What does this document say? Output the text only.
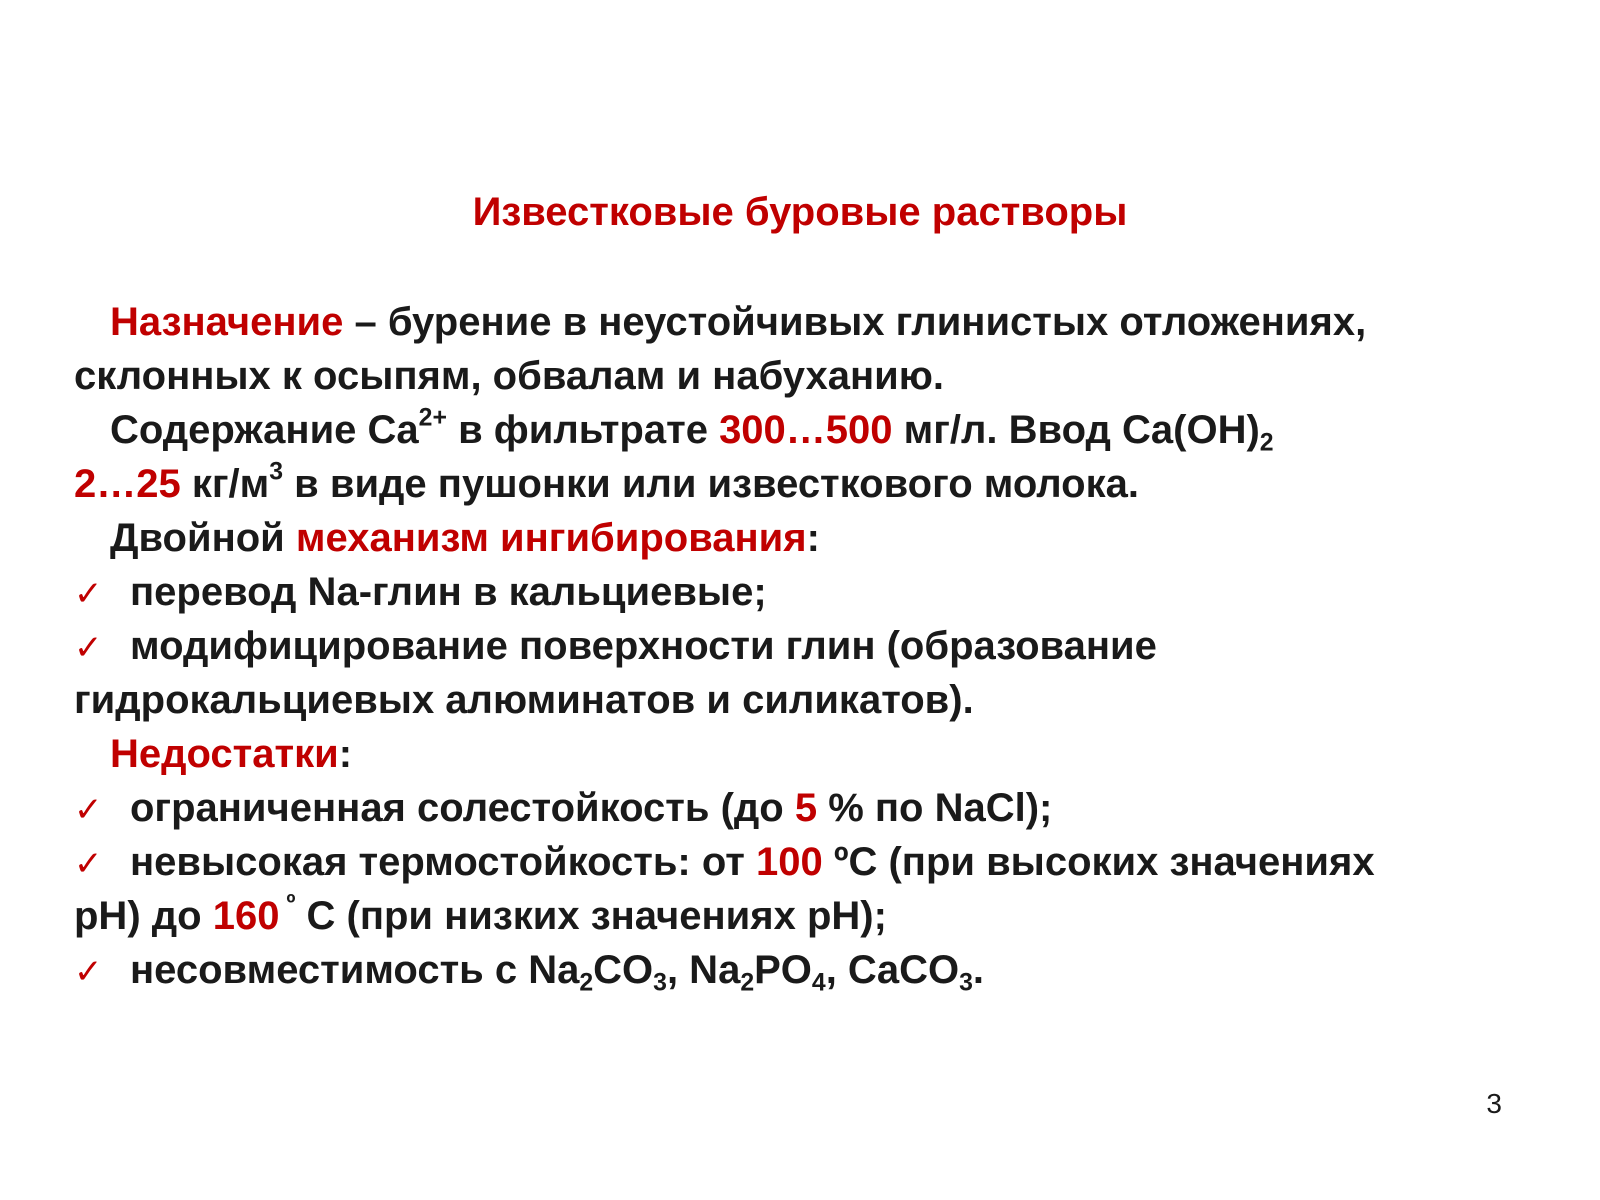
Известковые буровые растворы
Назначение – бурение в неустойчивых глинистых отложениях,
склонных к осыпям, обвалам и набуханию.
Содержание $Ca^{2+}$ в фильтрате 300…500 мг/л. Ввод $Ca(OH)_2$
2…25 $кг/м^3$ в виде пушонки или известкового молока.
Двойной механизм ингибирования:
✓ перевод Na-глин в кальциевые;
✓ модифицирование поверхности глин (образование
гидрокальциевых алюминатов и силикатов).
Недостатки:
✓ ограниченная солестойкость (до 5 % по NaCl);
✓ невысокая термостойкость: от 100 ºС (при высоких значениях
pH) до 160 $^º$ С (при низких значениях pH);
✓ несовместимость с $Na_2CO_3$, $Na_2PO_4$, CaCO$_3$.
3
